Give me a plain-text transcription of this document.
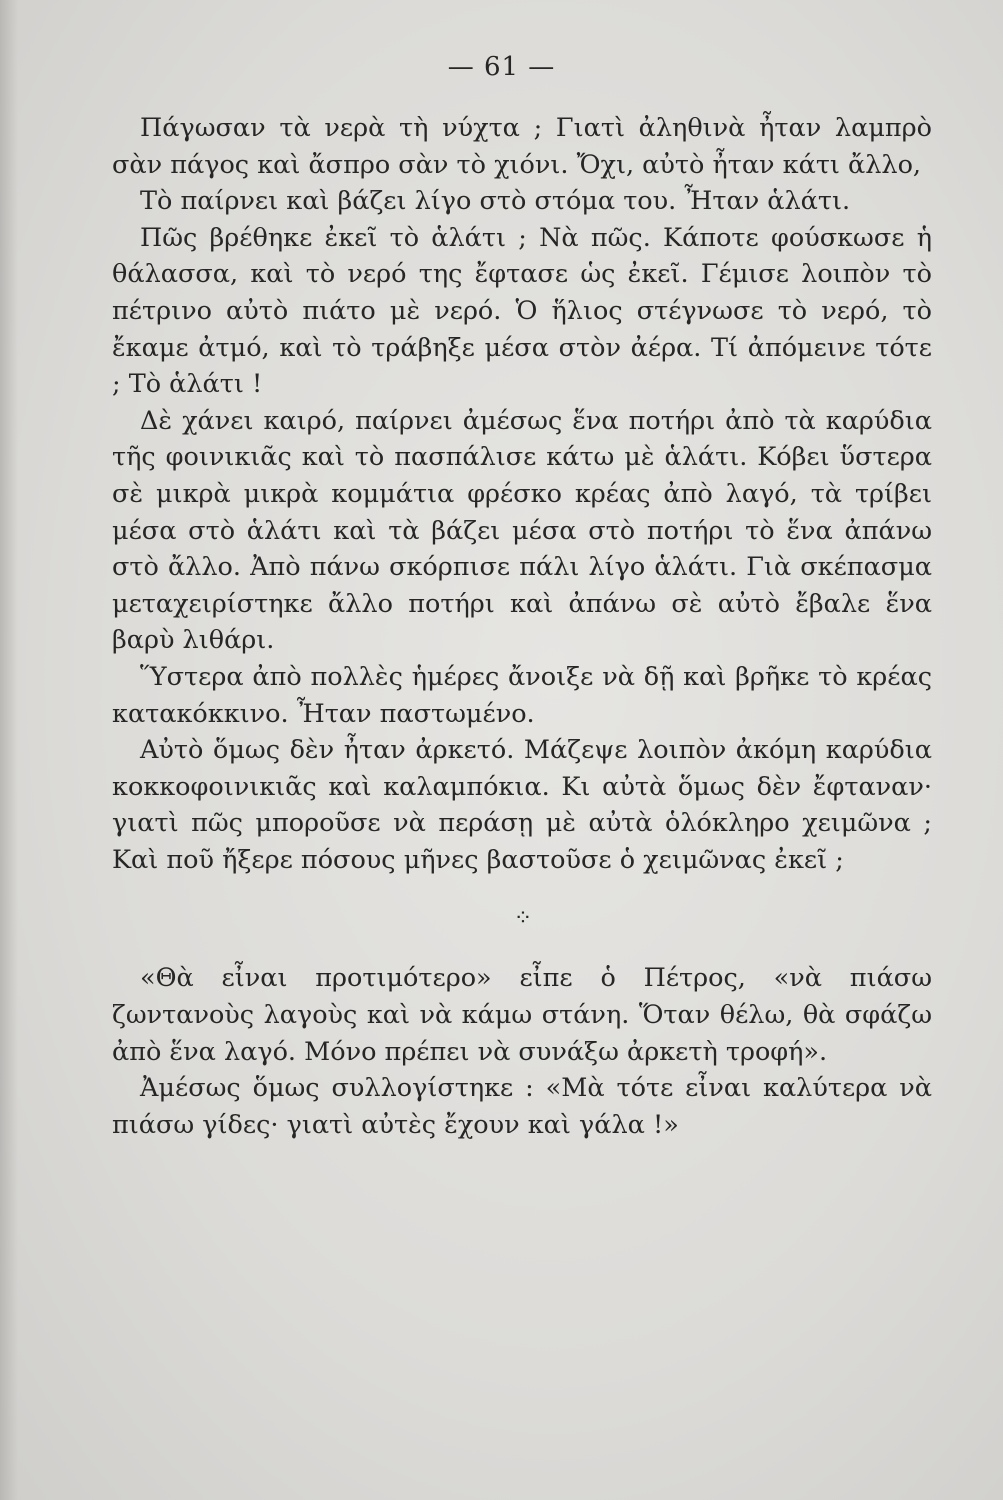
— 61 —

Πάγωσαν τὰ νερὰ τὴ νύχτα ; Γιατὶ ἀληθινὰ ἦταν λαμπρὸ σὰν πάγος καὶ ἄσπρο σὰν τὸ χιόνι. Ὄχι, αὐτὸ ἦταν κάτι ἄλλο,

Τὸ παίρνει καὶ βάζει λίγο στὸ στόμα του. Ἦταν ἁλάτι.

Πῶς βρέθηκε ἐκεῖ τὸ ἁλάτι ; Νὰ πῶς. Κάποτε φούσκωσε ἡ θάλασσα, καὶ τὸ νερό της ἔφτασε ὡς ἐκεῖ. Γέμισε λοιπὸν τὸ πέτρινο αὐτὸ πιάτο μὲ νερό. Ὁ ἥλιος στέγνωσε τὸ νερό, τὸ ἔκαμε ἀτμό, καὶ τὸ τράβηξε μέσα στὸν ἀέρα. Τί ἀπόμεινε τότε ; Τὸ ἁλάτι !

Δὲ χάνει καιρό, παίρνει ἀμέσως ἕνα ποτήρι ἀπὸ τὰ καρύδια τῆς φοινικιᾶς καὶ τὸ πασπάλισε κάτω μὲ ἁλάτι. Κόβει ὕστερα σὲ μικρὰ μικρὰ κομμάτια φρέσκο κρέας ἀπὸ λαγό, τὰ τρίβει μέσα στὸ ἁλάτι καὶ τὰ βάζει μέσα στὸ ποτήρι τὸ ἕνα ἀπάνω στὸ ἄλλο. Ἀπὸ πάνω σκόρπισε πάλι λίγο ἁλάτι. Γιὰ σκέπασμα μεταχειρίστηκε ἄλλο ποτήρι καὶ ἀπάνω σὲ αὐτὸ ἔβαλε ἕνα βαρὺ λιθάρι.

Ὕστερα ἀπὸ πολλὲς ἡμέρες ἄνοιξε νὰ δῇ καὶ βρῆκε τὸ κρέας κατακόκκινο. Ἦταν παστωμένο.

Αὐτὸ ὅμως δὲν ἦταν ἀρκετό. Μάζεψε λοιπὸν ἀκόμη καρύδια κοκκοφοινικιᾶς καὶ καλαμπόκια. Κι αὐτὰ ὅμως δὲν ἔφταναν· γιατὶ πῶς μποροῦσε νὰ περάσῃ μὲ αὐτὰ ὁλόκληρο χειμῶνα ; Καὶ ποῦ ἤξερε πόσους μῆνες βαστοῦσε ὁ χειμῶνας ἐκεῖ ;

⁘

«Θὰ εἶναι προτιμότερο» εἶπε ὁ Πέτρος, «νὰ πιάσω ζωντανοὺς λαγοὺς καὶ νὰ κάμω στάνη. Ὅταν θέλω, θὰ σφάζω ἀπὸ ἕνα λαγό. Μόνο πρέπει νὰ συνάξω ἀρκετὴ τροφή».

Ἀμέσως ὅμως συλλογίστηκε : «Μὰ τότε εἶναι καλύτερα νὰ πιάσω γίδες· γιατὶ αὐτὲς ἔχουν καὶ γάλα !»
